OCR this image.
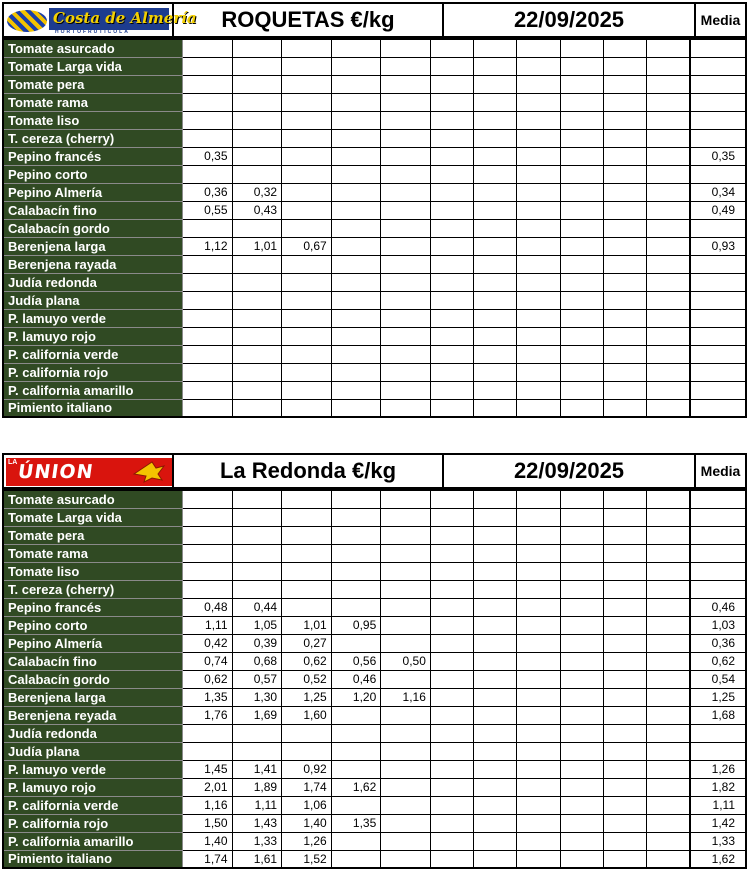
Costa de Almería
HORTOFRUTICOLA	ROQUETAS €/kg	22/09/2025	Media
Tomate asurcado												
Tomate Larga vida												
Tomate pera												
Tomate rama												
Tomate liso												
T. cereza (cherry)												
Pepino francés	0,35											0,35
Pepino corto												
Pepino Almería	0,36	0,32										0,34
Calabacín fino	0,55	0,43										0,49
Calabacín gordo												
Berenjena larga	1,12	1,01	0,67									0,93
Berenjena rayada												
Judía redonda												
Judía plana												
P. lamuyo verde												
P. lamuyo rojo												
P. california verde												
P. california rojo												
P. california amarillo												
Pimiento italiano												
LA ÚNION	La Redonda €/kg	22/09/2025	Media
Tomate asurcado												
Tomate Larga vida												
Tomate pera												
Tomate rama												
Tomate liso												
T. cereza (cherry)												
Pepino francés	0,48	0,44										0,46
Pepino corto	1,11	1,05	1,01	0,95								1,03
Pepino Almería	0,42	0,39	0,27									0,36
Calabacín fino	0,74	0,68	0,62	0,56	0,50							0,62
Calabacín gordo	0,62	0,57	0,52	0,46								0,54
Berenjena larga	1,35	1,30	1,25	1,20	1,16							1,25
Berenjena reyada	1,76	1,69	1,60									1,68
Judía redonda												
Judía plana												
P. lamuyo verde	1,45	1,41	0,92									1,26
P. lamuyo rojo	2,01	1,89	1,74	1,62								1,82
P. california verde	1,16	1,11	1,06									1,11
P. california rojo	1,50	1,43	1,40	1,35								1,42
P. california amarillo	1,40	1,33	1,26									1,33
Pimiento italiano	1,74	1,61	1,52									1,62
